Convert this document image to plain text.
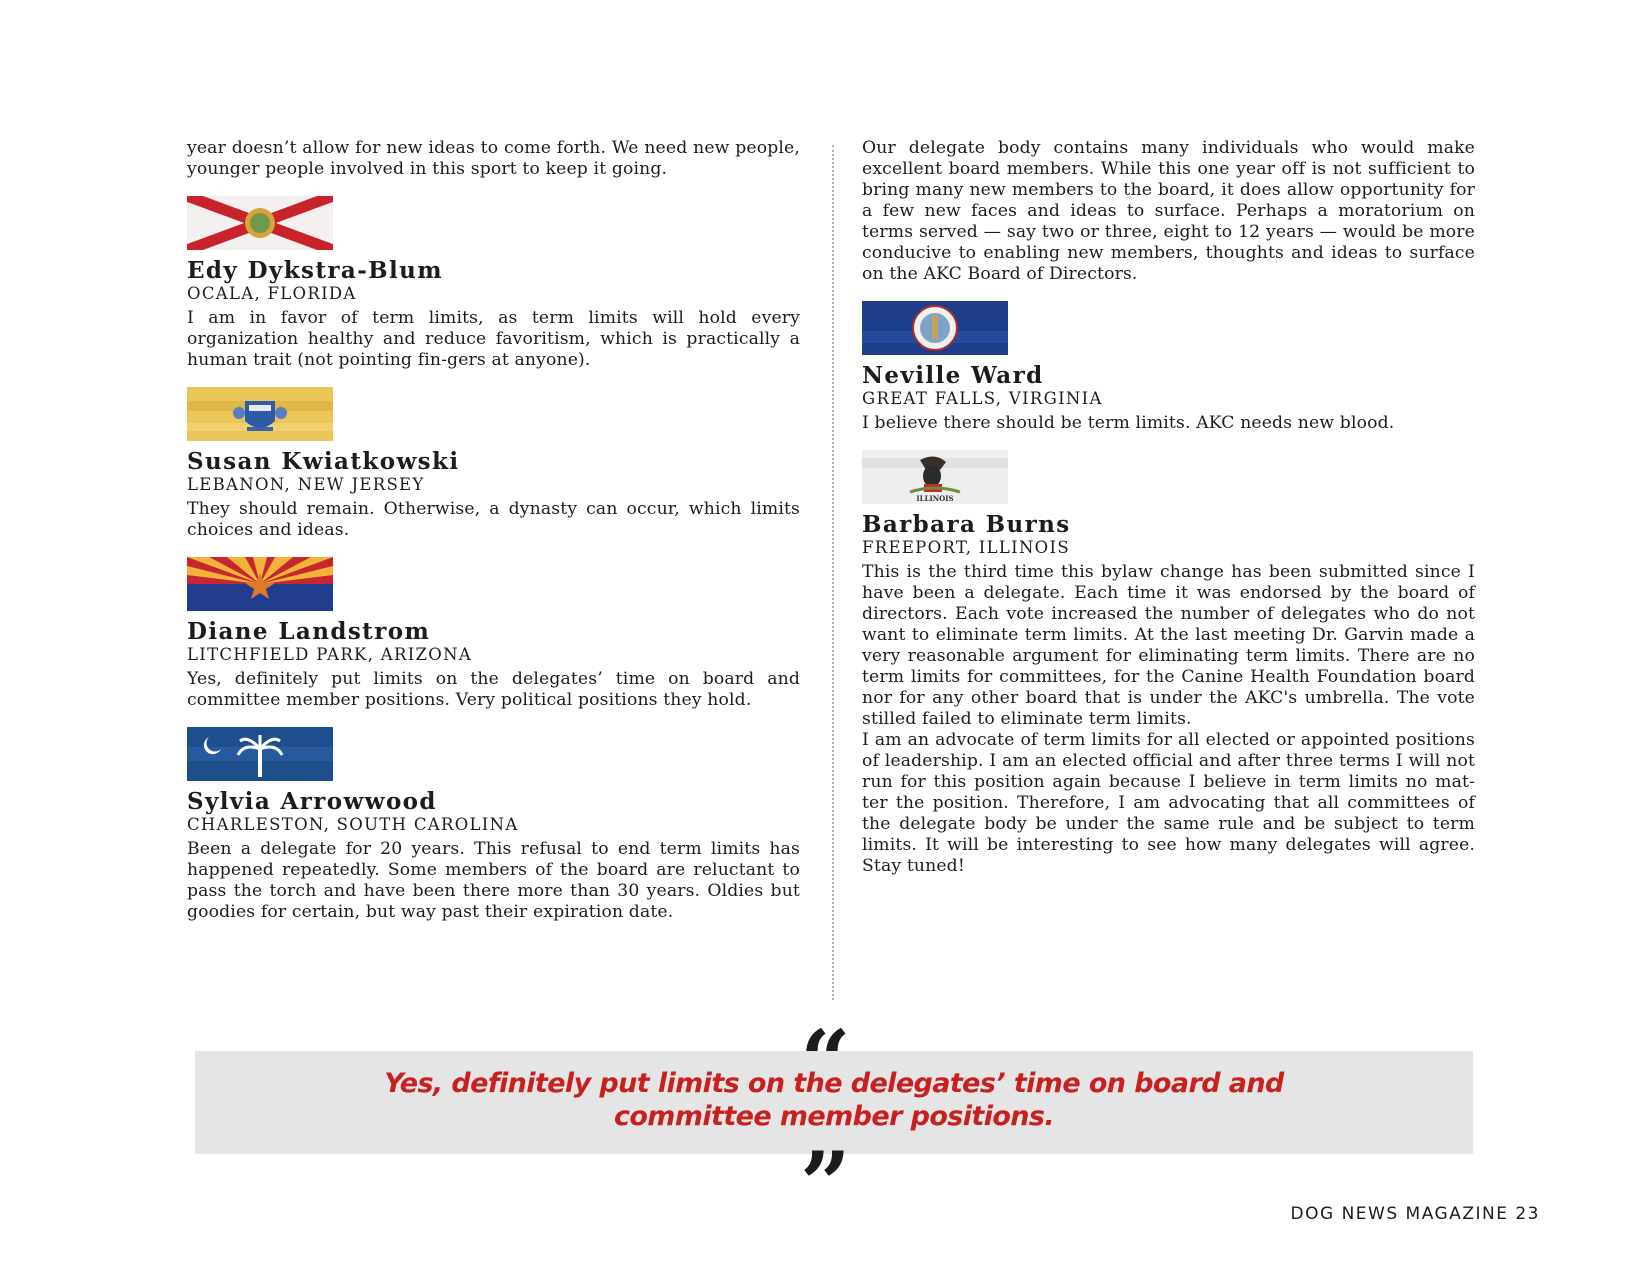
year doesn’t allow for new ideas to come forth. We need new people, younger people involved in this sport to keep it going.

Edy Dykstra-Blum

OCALA, FLORIDA

I am in favor of term limits, as term limits will hold every organization healthy and reduce favoritism, which is practically a human trait (not pointing fin-gers at anyone).

Susan Kwiatkowski

LEBANON, NEW JERSEY

They should remain. Otherwise, a dynasty can occur, which limits choices and ideas.

Diane Landstrom

LITCHFIELD PARK, ARIZONA

Yes, definitely put limits on the delegates’ time on board and committee member positions. Very political positions they hold.

Sylvia Arrowwood

CHARLESTON, SOUTH CAROLINA

Been a delegate for 20 years. This refusal to end term limits has happened repeatedly. Some members of the board are reluctant to pass the torch and have been there more than 30 years. Oldies but goodies for certain, but way past their expiration date.

Our delegate body contains many individuals who would make excellent board members. While this one year off is not sufficient to bring many new members to the board, it does allow opportunity for a few new faces and ideas to surface. Perhaps a moratorium on terms served — say two or three, eight to 12 years — would be more conducive to enabling new members, thoughts and ideas to surface on the AKC Board of Directors.

Neville Ward

GREAT FALLS, VIRGINIA

I believe there should be term limits. AKC needs new blood.

ILLINOIS

Barbara Burns

FREEPORT, ILLINOIS

This is the third time this bylaw change has been submitted since I have been a delegate. Each time it was endorsed by the board of directors. Each vote increased the number of delegates who do not want to eliminate term limits. At the last meeting Dr. Garvin made a very reasonable argument for eliminating term limits. There are no term limits for committees, for the Canine Health Foundation board nor for any other board that is under the AKC's umbrella. The vote stilled failed to eliminate term limits.

I am an advocate of term limits for all elected or appointed positions of leadership. I am an elected official and after three terms I will not run for this position again because I believe in term limits no mat-ter the position. Therefore, I am advocating that all committees of the delegate body be under the same rule and be subject to term limits. It will be interesting to see how many delegates will agree. Stay tuned!

Yes, definitely put limits on the delegates’ time on board and committee member positions.

”	DOG NEWS MAGAZINE 23
